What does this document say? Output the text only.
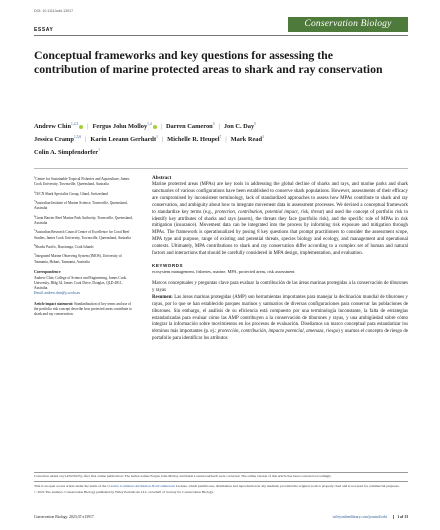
DOI: 10.1111/cobi.13917
Conservation Biology
ESSAY
Conceptual frameworks and key questions for assessing the contribution of marine protected areas to shark and ray conservation
Andrew Chin$^{1,2,3}$ | Fergus John Molloy$^{1,4}$ | Darren Cameron$^3$ | Jon C. Day$^5$
Jessica Cramp$^{1,5,6}$ | Karin Leeann Gerhardt$^1$ | Michelle R. Heupel$^7$ | Mark Read$^3$
Colin A. Simpfendorfer$^1$
$^1$Centre for Sustainable Tropical Fisheries and Aquaculture, James Cook University, Townsville, Queensland, Australia
$^2$IUCN Shark Specialist Group, Gland, Switzerland
$^3$Australian Institute of Marine Science, Townsville, Queensland, Australia
$^4$Great Barrier Reef Marine Park Authority, Townsville, Queensland, Australia
$^5$Australian Research Council Centre of Excellence for Coral Reef Studies, James Cook University, Townsville, Queensland, Australia
$^6$Sharks Pacific, Rarotonga, Cook Islands
$^7$Integrated Marine Observing System (IMOS), University of Tasmania, Hobart, Tasmania, Australia
Correspondence
Andrew Chin, College of Science and Engineering, James Cook University, Bldg 34, James Cook Drive, Douglas, QLD 4811, Australia.
Email: andrew.chin@jcu.edu.au
Article impact statement: Standardization of key terms and use of the portfolio risk concept describe how protected areas contribute to shark and ray conservation.
Abstract

Marine protected areas (MPAs) are key tools in addressing the global decline of sharks and rays, and marine parks and shark sanctuaries of various configurations have been established to conserve shark populations. However, assessments of their efficacy are compromised by inconsistent terminology, lack of standardized approaches to assess how MPAs contribute to shark and ray conservation, and ambiguity about how to integrate movement data in assessment processes. We devised a conceptual framework to standardize key terms (e.g., protection, contribution, potential impact, risk, threat) and used the concept of portfolio risk to identify key attributes of sharks and rays (assets), the threats they face (portfolio risk), and the specific role of MPAs in risk mitigation (insurance). Movement data can be integrated into the process by informing risk exposure and mitigation through MPAs. The framework is operationalized by posing 8 key questions that prompt practitioners to consider the assessment scope, MPA type and purpose, range of existing and potential threats, species biology and ecology, and management and operational contexts. Ultimately, MPA contributions to shark and ray conservation differ according to a complex set of human and natural factors and interactions that should be carefully considered in MPA design, implementation, and evaluation.

KEYWORDS
ecosystem management, fisheries, marine, MPA, protected areas, risk assessment

Marcos conceptuales y preguntas clave para evaluar la contribución de las áreas marinas protegidas a la conservación de tiburones y rayas

Resumen: Las áreas marinas protegidas (AMP) son herramientas importantes para manejar la declinación mundial de tiburones y rayas, por lo que se han establecido parques marinos y santuarios de diversas configuraciones para conservar las poblaciones de tiburones. Sin embargo, el análisis de su eficiencia está compuesto por una terminología inconstante, la falta de estrategias estandarizadas para evaluar cómo las AMP contribuyen a la conservación de tiburones y rayas, y una ambigüedad sobre cómo integrar la información sobre movimientos en los procesos de evaluación. Diseñamos un marco conceptual para estandarizar los términos más importantes (p. ej.: protección, contribución, impacto potencial, amenaza, riesgo) y usamos el concepto de riesgo de portafolio para identificar los atributos

Correction added on [14/02/2023], after first online publication: The author names Fergus John Molloy and Karin Leeann Gerhardt were corrected. The online version of this article has been corrected accordingly.
This is an open access article under the terms of the Creative Commons Attribution-NonCommercial License, which permits use, distribution and reproduction in any medium, provided the original work is properly cited and is not used for commercial purposes.
© 2022 The Authors. Conservation Biology published by Wiley Periodicals LLC on behalf of Society for Conservation Biology.
Conservation Biology. 2023;37:e13917.	wileyonlinelibrary.com/journal/cobi	1 of 13
